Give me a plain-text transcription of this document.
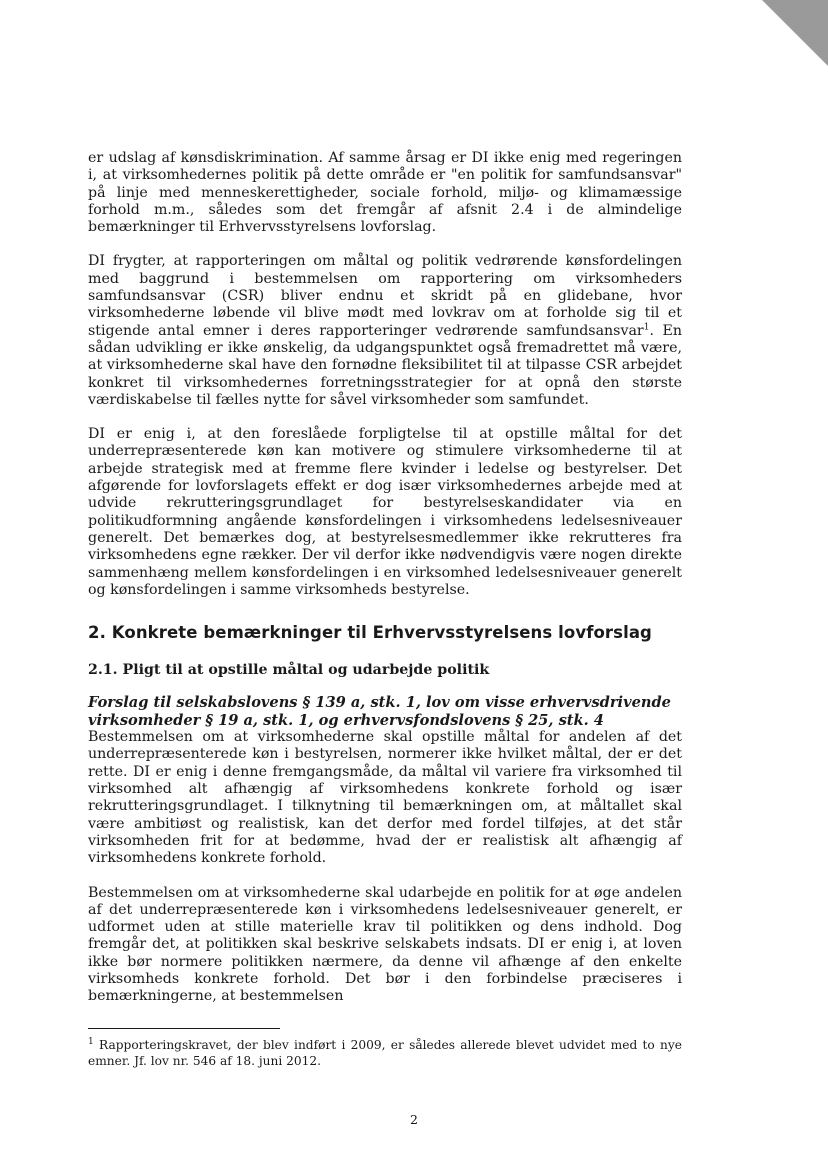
er udslag af kønsdiskrimination. Af samme årsag er DI ikke enig med regeringen i, at virksomhedernes politik på dette område er "en politik for samfundsansvar" på linje med menneskerettigheder, sociale forhold, miljø- og klimamæssige forhold m.m., således som det fremgår af afsnit 2.4 i de almindelige bemærkninger til Erhvervsstyrelsens lovforslag.

DI frygter, at rapporteringen om måltal og politik vedrørende kønsfordelingen med baggrund i bestemmelsen om rapportering om virksomheders samfundsansvar (CSR) bliver endnu et skridt på en glidebane, hvor virksomhederne løbende vil blive mødt med lovkrav om at forholde sig til et stigende antal emner i deres rapporteringer vedrørende samfundsansvar$^1$. En sådan udvikling er ikke ønskelig, da udgangspunktet også fremadrettet må være, at virksomhederne skal have den fornødne fleksibilitet til at tilpasse CSR arbejdet konkret til virksomhedernes forretningsstrategier for at opnå den største værdiskabelse til fælles nytte for såvel virksomheder som samfundet.

DI er enig i, at den foreslåede forpligtelse til at opstille måltal for det underrepræsenterede køn kan motivere og stimulere virksomhederne til at arbejde strategisk med at fremme flere kvinder i ledelse og bestyrelser. Det afgørende for lovforslagets effekt er dog især virksomhedernes arbejde med at udvide rekrutteringsgrundlaget for bestyrelseskandidater via en politikudformning angående kønsfordelingen i virksomhedens ledelsesniveauer generelt. Det bemærkes dog, at bestyrelsesmedlemmer ikke rekrutteres fra virksomhedens egne rækker. Der vil derfor ikke nødvendigvis være nogen direkte sammenhæng mellem kønsfordelingen i en virksomhed ledelsesniveauer generelt og kønsfordelingen i samme virksomheds bestyrelse.

2. Konkrete bemærkninger til Erhvervsstyrelsens lovforslag
2.1. Pligt til at opstille måltal og udarbejde politik
Forslag til selskabslovens § 139 a, stk. 1, lov om visse erhvervsdrivende virksomheder § 19 a, stk. 1, og erhvervsfondslovens § 25, stk. 4

Bestemmelsen om at virksomhederne skal opstille måltal for andelen af det underrepræsenterede køn i bestyrelsen, normerer ikke hvilket måltal, der er det rette. DI er enig i denne fremgangsmåde, da måltal vil variere fra virksomhed til virksomhed alt afhængig af virksomhedens konkrete forhold og især rekrutteringsgrundlaget. I tilknytning til bemærkningen om, at måltallet skal være ambitiøst og realistisk, kan det derfor med fordel tilføjes, at det står virksomheden frit for at bedømme, hvad der er realistisk alt afhængig af virksomhedens konkrete forhold.

Bestemmelsen om at virksomhederne skal udarbejde en politik for at øge andelen af det underrepræsenterede køn i virksomhedens ledelsesniveauer generelt, er udformet uden at stille materielle krav til politikken og dens indhold. Dog fremgår det, at politikken skal beskrive selskabets indsats. DI er enig i, at loven ikke bør normere politikken nærmere, da denne vil afhænge af den enkelte virksomheds konkrete forhold. Det bør i den forbindelse præciseres i bemærkningerne, at bestemmelsen

$^1$ Rapporteringskravet, der blev indført i 2009, er således allerede blevet udvidet med to nye emner. Jf. lov nr. 546 af 18. juni 2012.
2
